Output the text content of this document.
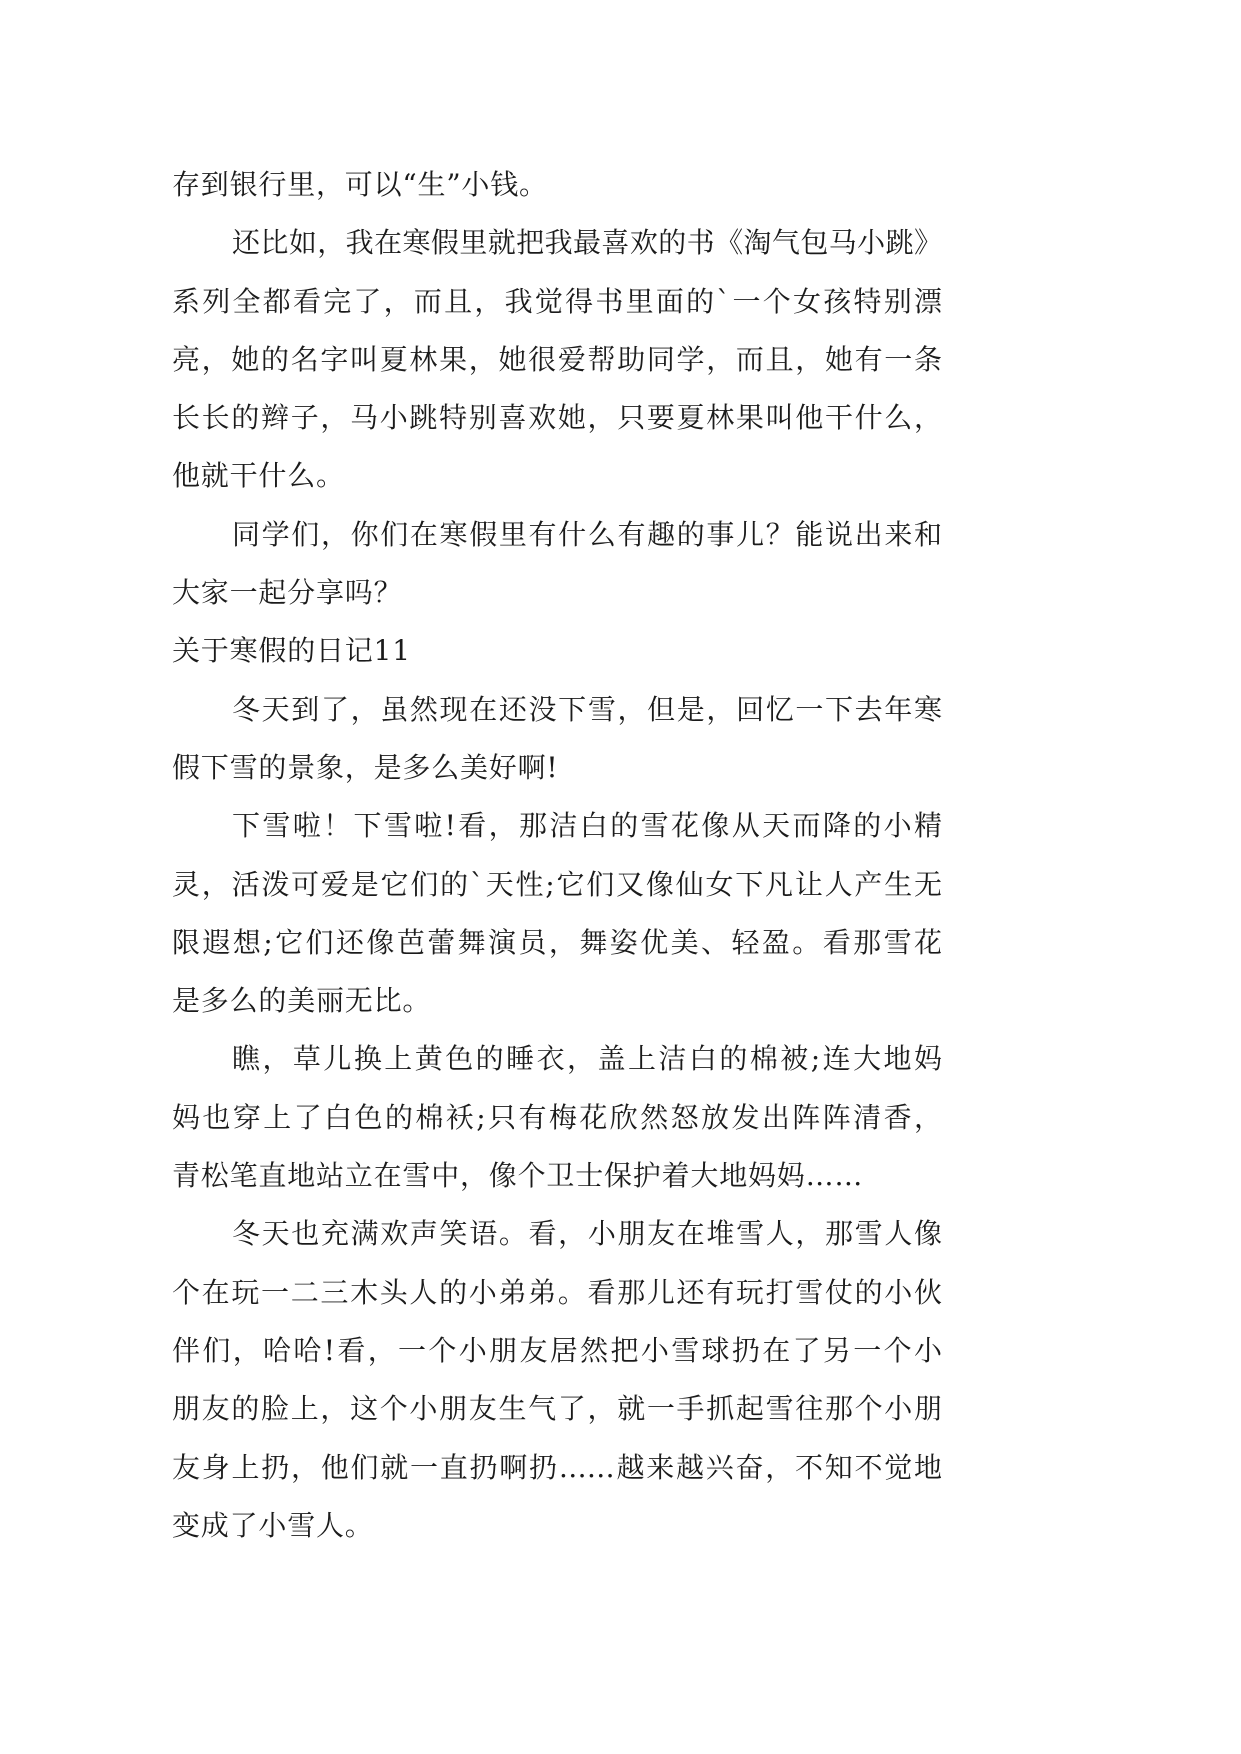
存到银行里，可以“生”小钱。
还比如，我在寒假里就把我最喜欢的书《淘气包马小跳》
系列全都看完了，而且，我觉得书里面的`一个女孩特别漂
亮，她的名字叫夏林果，她很爱帮助同学，而且，她有一条
长长的辫子，马小跳特别喜欢她，只要夏林果叫他干什么，
他就干什么。
同学们，你们在寒假里有什么有趣的事儿？能说出来和
大家一起分享吗？
关于寒假的日记11
冬天到了，虽然现在还没下雪，但是，回忆一下去年寒
假下雪的景象，是多么美好啊!
下雪啦！下雪啦!看，那洁白的雪花像从天而降的小精
灵，活泼可爱是它们的`天性;它们又像仙女下凡让人产生无
限遐想;它们还像芭蕾舞演员，舞姿优美、轻盈。看那雪花
是多么的美丽无比。
瞧，草儿换上黄色的睡衣，盖上洁白的棉被;连大地妈
妈也穿上了白色的棉袄;只有梅花欣然怒放发出阵阵清香，
青松笔直地站立在雪中，像个卫士保护着大地妈妈……
冬天也充满欢声笑语。看，小朋友在堆雪人，那雪人像
个在玩一二三木头人的小弟弟。看那儿还有玩打雪仗的小伙
伴们，哈哈!看，一个小朋友居然把小雪球扔在了另一个小
朋友的脸上，这个小朋友生气了，就一手抓起雪往那个小朋
友身上扔，他们就一直扔啊扔……越来越兴奋，不知不觉地
变成了小雪人。
